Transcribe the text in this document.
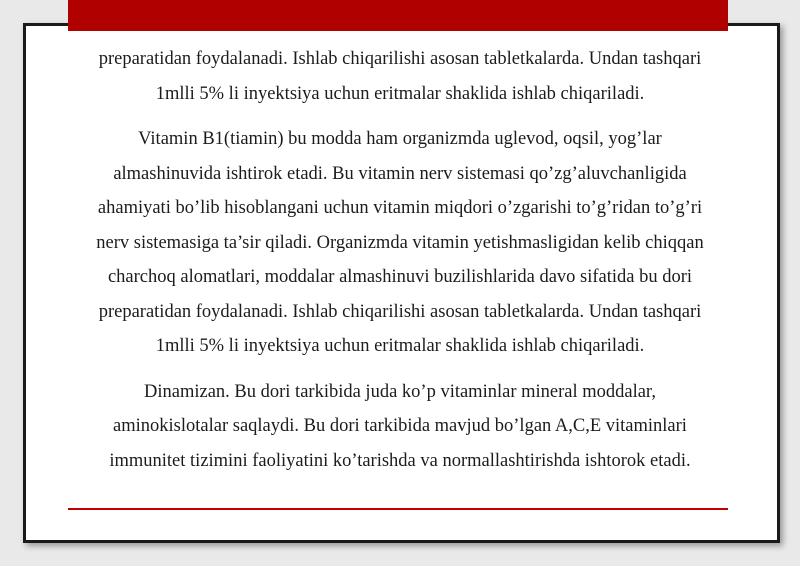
preparatidan foydalanadi. Ishlab chiqarilishi asosan tabletkalarda. Undan tashqari
1mlli 5% li inyektsiya uchun eritmalar shaklida ishlab chiqariladi.

Vitamin B1(tiamin) bu modda ham organizmda uglevod, oqsil, yog’lar
almashinuvida ishtirok etadi. Bu vitamin nerv sistemasi qo’zg’aluvchanligida
ahamiyati bo’lib hisoblangani uchun vitamin miqdori o’zgarishi to’g’ridan to’g’ri
nerv sistemasiga ta’sir qiladi. Organizmda vitamin yetishmasligidan kelib chiqqan
charchoq alomatlari, moddalar almashinuvi buzilishlarida davo sifatida bu dori
preparatidan foydalanadi. Ishlab chiqarilishi asosan tabletkalarda. Undan tashqari
1mlli 5% li inyektsiya uchun eritmalar shaklida ishlab chiqariladi.

Dinamizan. Bu dori tarkibida juda ko’p vitaminlar mineral moddalar,
aminokislotalar saqlaydi. Bu dori tarkibida mavjud bo’lgan A,C,E vitaminlari
immunitet tizimini faoliyatini ko’tarishda va normallashtirishda ishtorok etadi.
